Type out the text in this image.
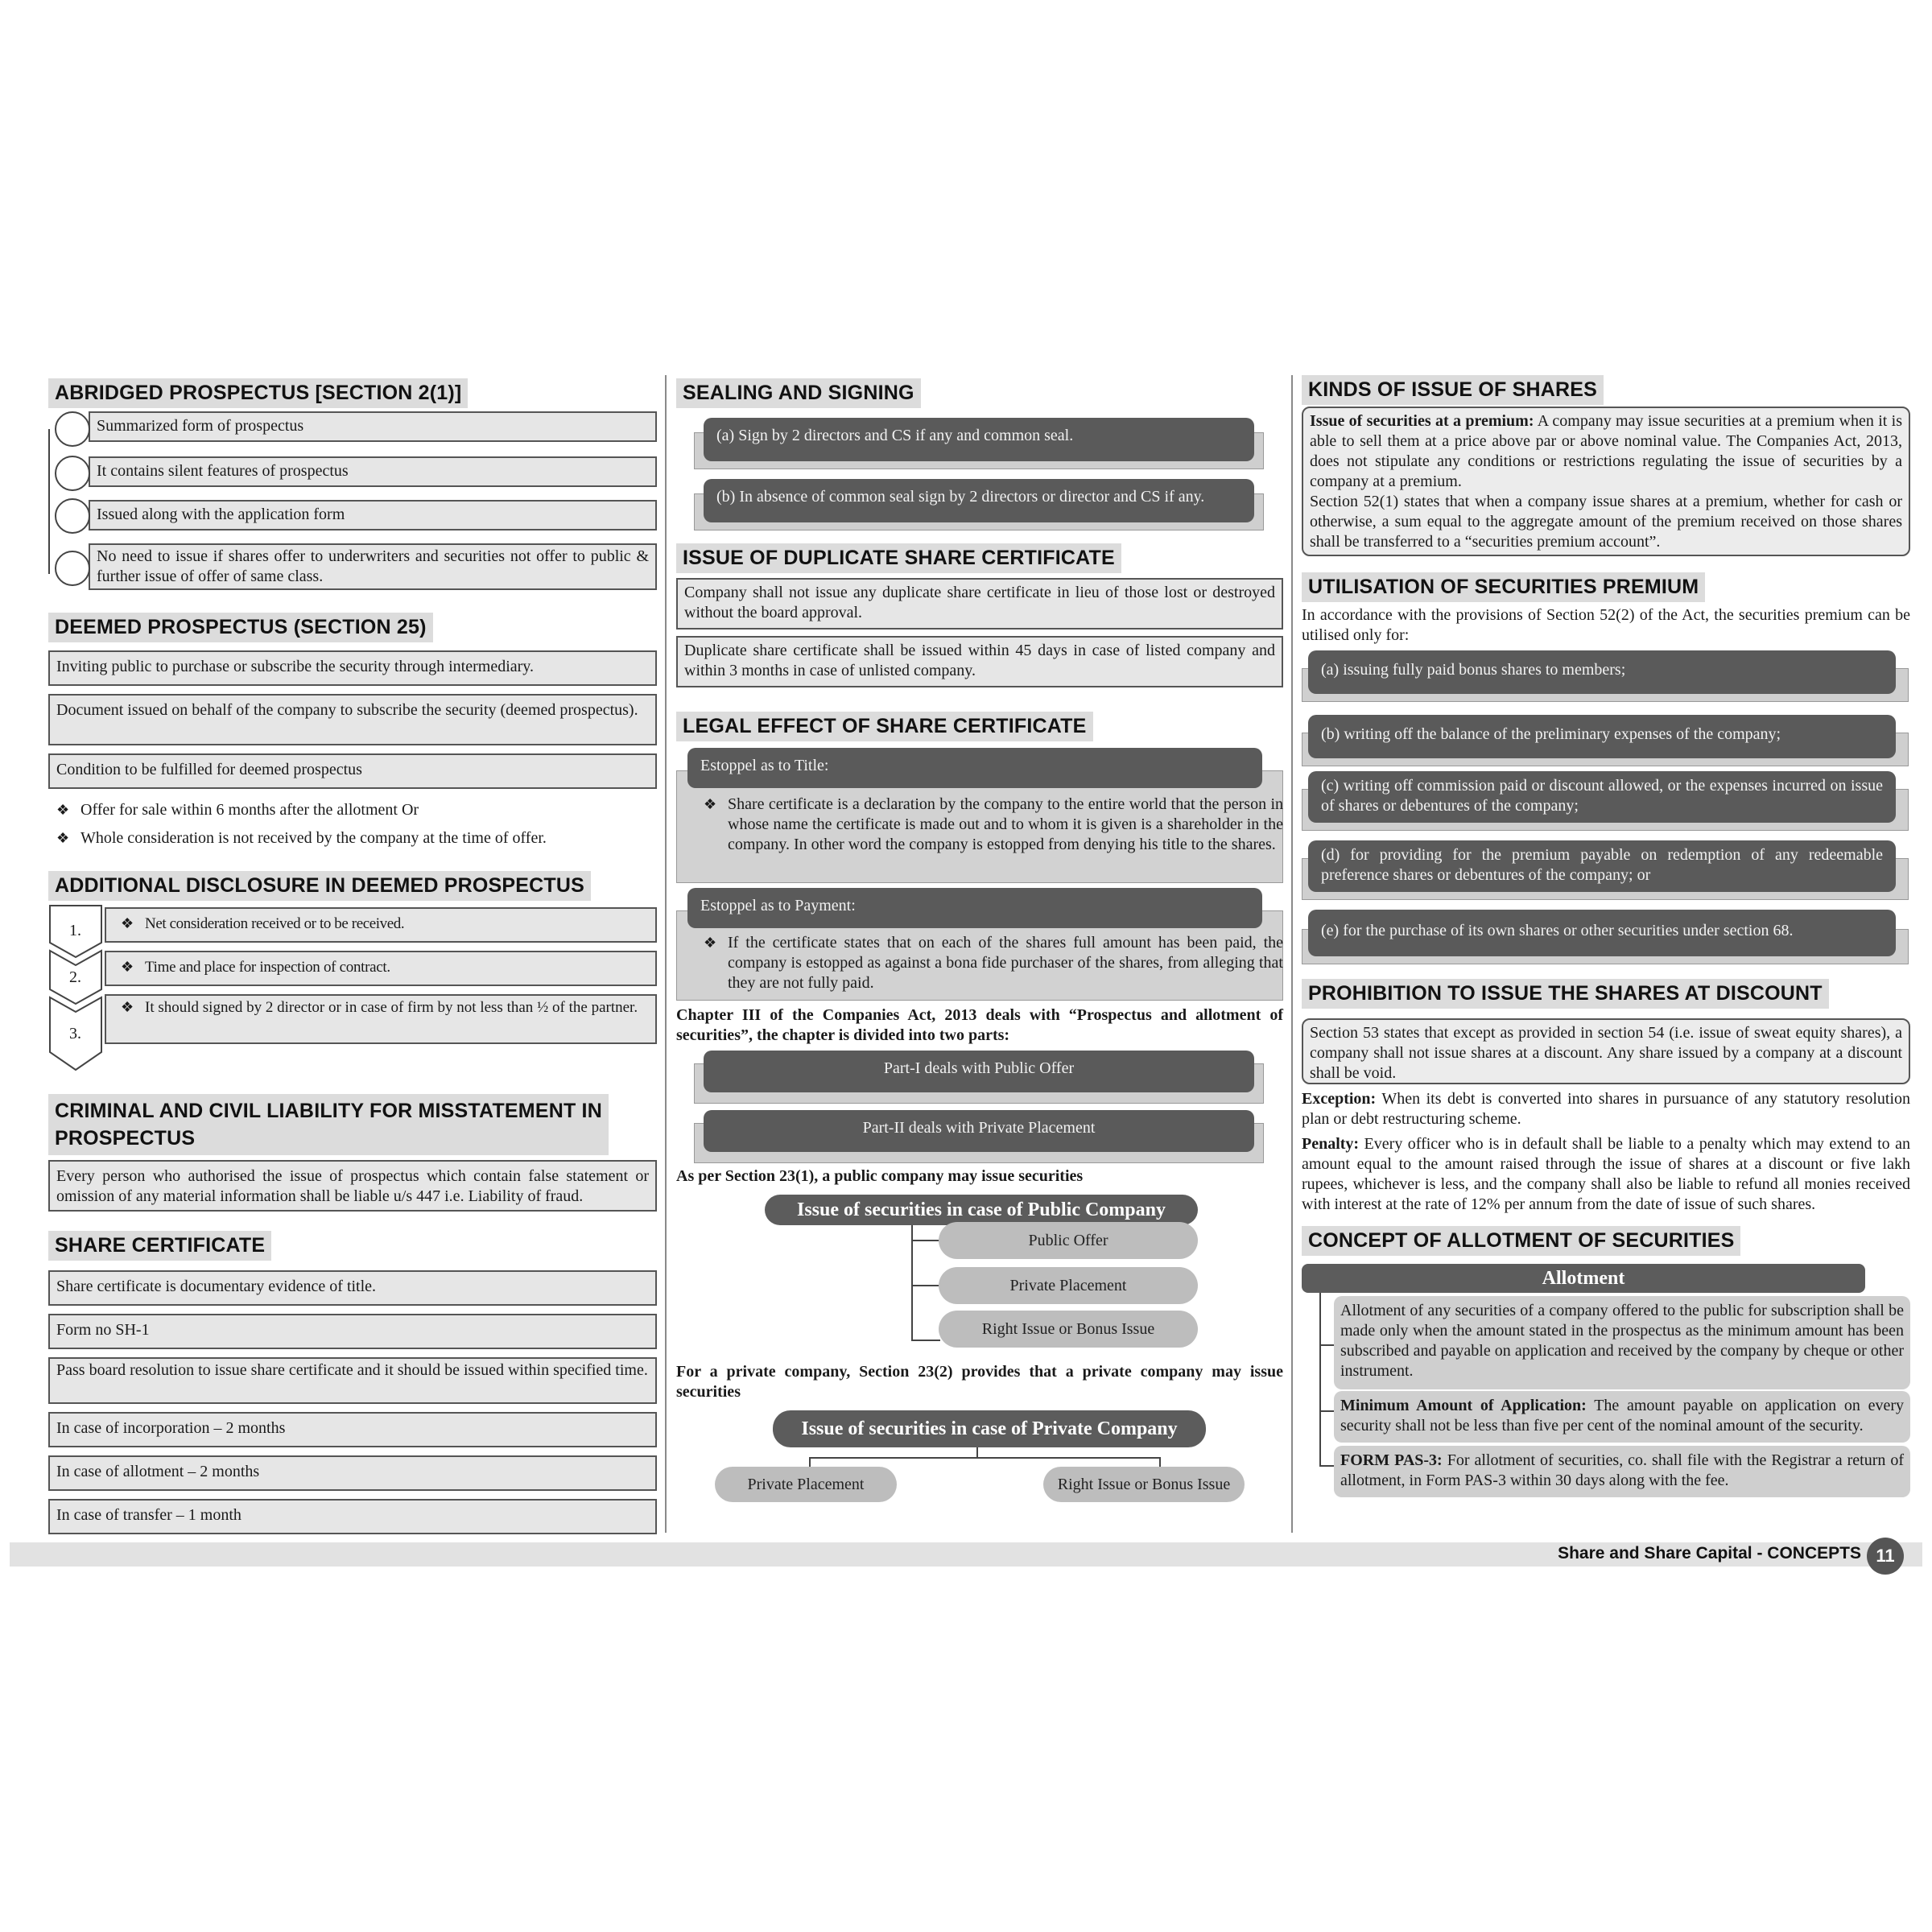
ABRIDGED PROSPECTUS [SECTION 2(1)]
Summarized form of prospectus
It contains silent features of prospectus
Issued along with the application form
No need to issue if shares offer to underwriters and securities not offer to public & further issue of offer of same class.
DEEMED PROSPECTUS (SECTION 25)
Inviting public to purchase or subscribe the security through intermediary.
Document issued on behalf of the company to subscribe the security (deemed prospectus).
Condition to be fulfilled for deemed prospectus
❖ Offer for sale within 6 months after the allotment Or
❖ Whole consideration is not received by the company at the time of offer.
ADDITIONAL DISCLOSURE IN DEEMED PROSPECTUS
1.
2.
3.
❖ Net consideration received or to be received.
❖ Time and place for inspection of contract.
❖ It should signed by 2 director or in case of firm by not less than ½ of the partner.
CRIMINAL AND CIVIL LIABILITY FOR MISSTATEMENT IN
PROSPECTUS
Every person who authorised the issue of prospectus which contain false statement or omission of any material information shall be liable u/s 447 i.e. Liability of fraud.
SHARE CERTIFICATE
Share certificate is documentary evidence of title.
Form no SH-1
Pass board resolution to issue share certificate and it should be issued within specified time.
In case of incorporation – 2 months
In case of allotment – 2 months
In case of transfer – 1 month
SEALING AND SIGNING
(a) Sign by 2 directors and CS if any and common seal.
(b) In absence of common seal sign by 2 directors or director and CS if any.
ISSUE OF DUPLICATE SHARE CERTIFICATE
Company shall not issue any duplicate share certificate in lieu of those lost or destroyed without the board approval.
Duplicate share certificate shall be issued within 45 days in case of listed company and within 3 months in case of unlisted company.
LEGAL EFFECT OF SHARE CERTIFICATE
Estoppel as to Title:
❖ Share certificate is a declaration by the company to the entire world that the person in whose name the certificate is made out and to whom it is given is a shareholder in the company. In other word the company is estopped from denying his title to the shares.
Estoppel as to Payment:
❖ If the certificate states that on each of the shares full amount has been paid, the company is estopped as against a bona fide purchaser of the shares, from alleging that they are not fully paid.
Chapter III of the Companies Act, 2013 deals with “Prospectus and allotment of securities”, the chapter is divided into two parts:
Part-I deals with Public Offer
Part-II deals with Private Placement
As per Section 23(1), a public company may issue securities
Issue of securities in case of Public Company
Public Offer
Private Placement
Right Issue or Bonus Issue
For a private company, Section 23(2) provides that a private company may issue securities
Issue of securities in case of Private Company
Private Placement	Right Issue or Bonus Issue
KINDS OF ISSUE OF SHARES
Issue of securities at a premium: A company may issue securities at a premium when it is able to sell them at a price above par or above nominal value. The Companies Act, 2013, does not stipulate any conditions or restrictions regulating the issue of securities by a company at a premium.
Section 52(1) states that when a company issue shares at a premium, whether for cash or otherwise, a sum equal to the aggregate amount of the premium received on those shares shall be transferred to a “securities premium account”.
UTILISATION OF SECURITIES PREMIUM
In accordance with the provisions of Section 52(2) of the Act, the securities premium can be utilised only for:
(a) issuing fully paid bonus shares to members;
(b) writing off the balance of the preliminary expenses of the company;
(c) writing off commission paid or discount allowed, or the expenses incurred on issue of shares or debentures of the company;
(d) for providing for the premium payable on redemption of any redeemable preference shares or debentures of the company; or
(e) for the purchase of its own shares or other securities under section 68.
PROHIBITION TO ISSUE THE SHARES AT DISCOUNT
Section 53 states that except as provided in section 54 (i.e. issue of sweat equity shares), a company shall not issue shares at a discount. Any share issued by a company at a discount shall be void.
Exception: When its debt is converted into shares in pursuance of any statutory resolution plan or debt restructuring scheme.
Penalty: Every officer who is in default shall be liable to a penalty which may extend to an amount equal to the amount raised through the issue of shares at a discount or five lakh rupees, whichever is less, and the company shall also be liable to refund all monies received with interest at the rate of 12% per annum from the date of issue of such shares.
CONCEPT OF ALLOTMENT OF SECURITIES
Allotment
Allotment of any securities of a company offered to the public for subscription shall be made only when the amount stated in the prospectus as the minimum amount has been subscribed and payable on application and received by the company by cheque or other instrument.
Minimum Amount of Application: The amount payable on application on every security shall not be less than five per cent of the nominal amount of the security.
FORM PAS-3: For allotment of securities, co. shall file with the Registrar a return of allotment, in Form PAS-3 within 30 days along with the fee.
Share and Share Capital - CONCEPTS 11
